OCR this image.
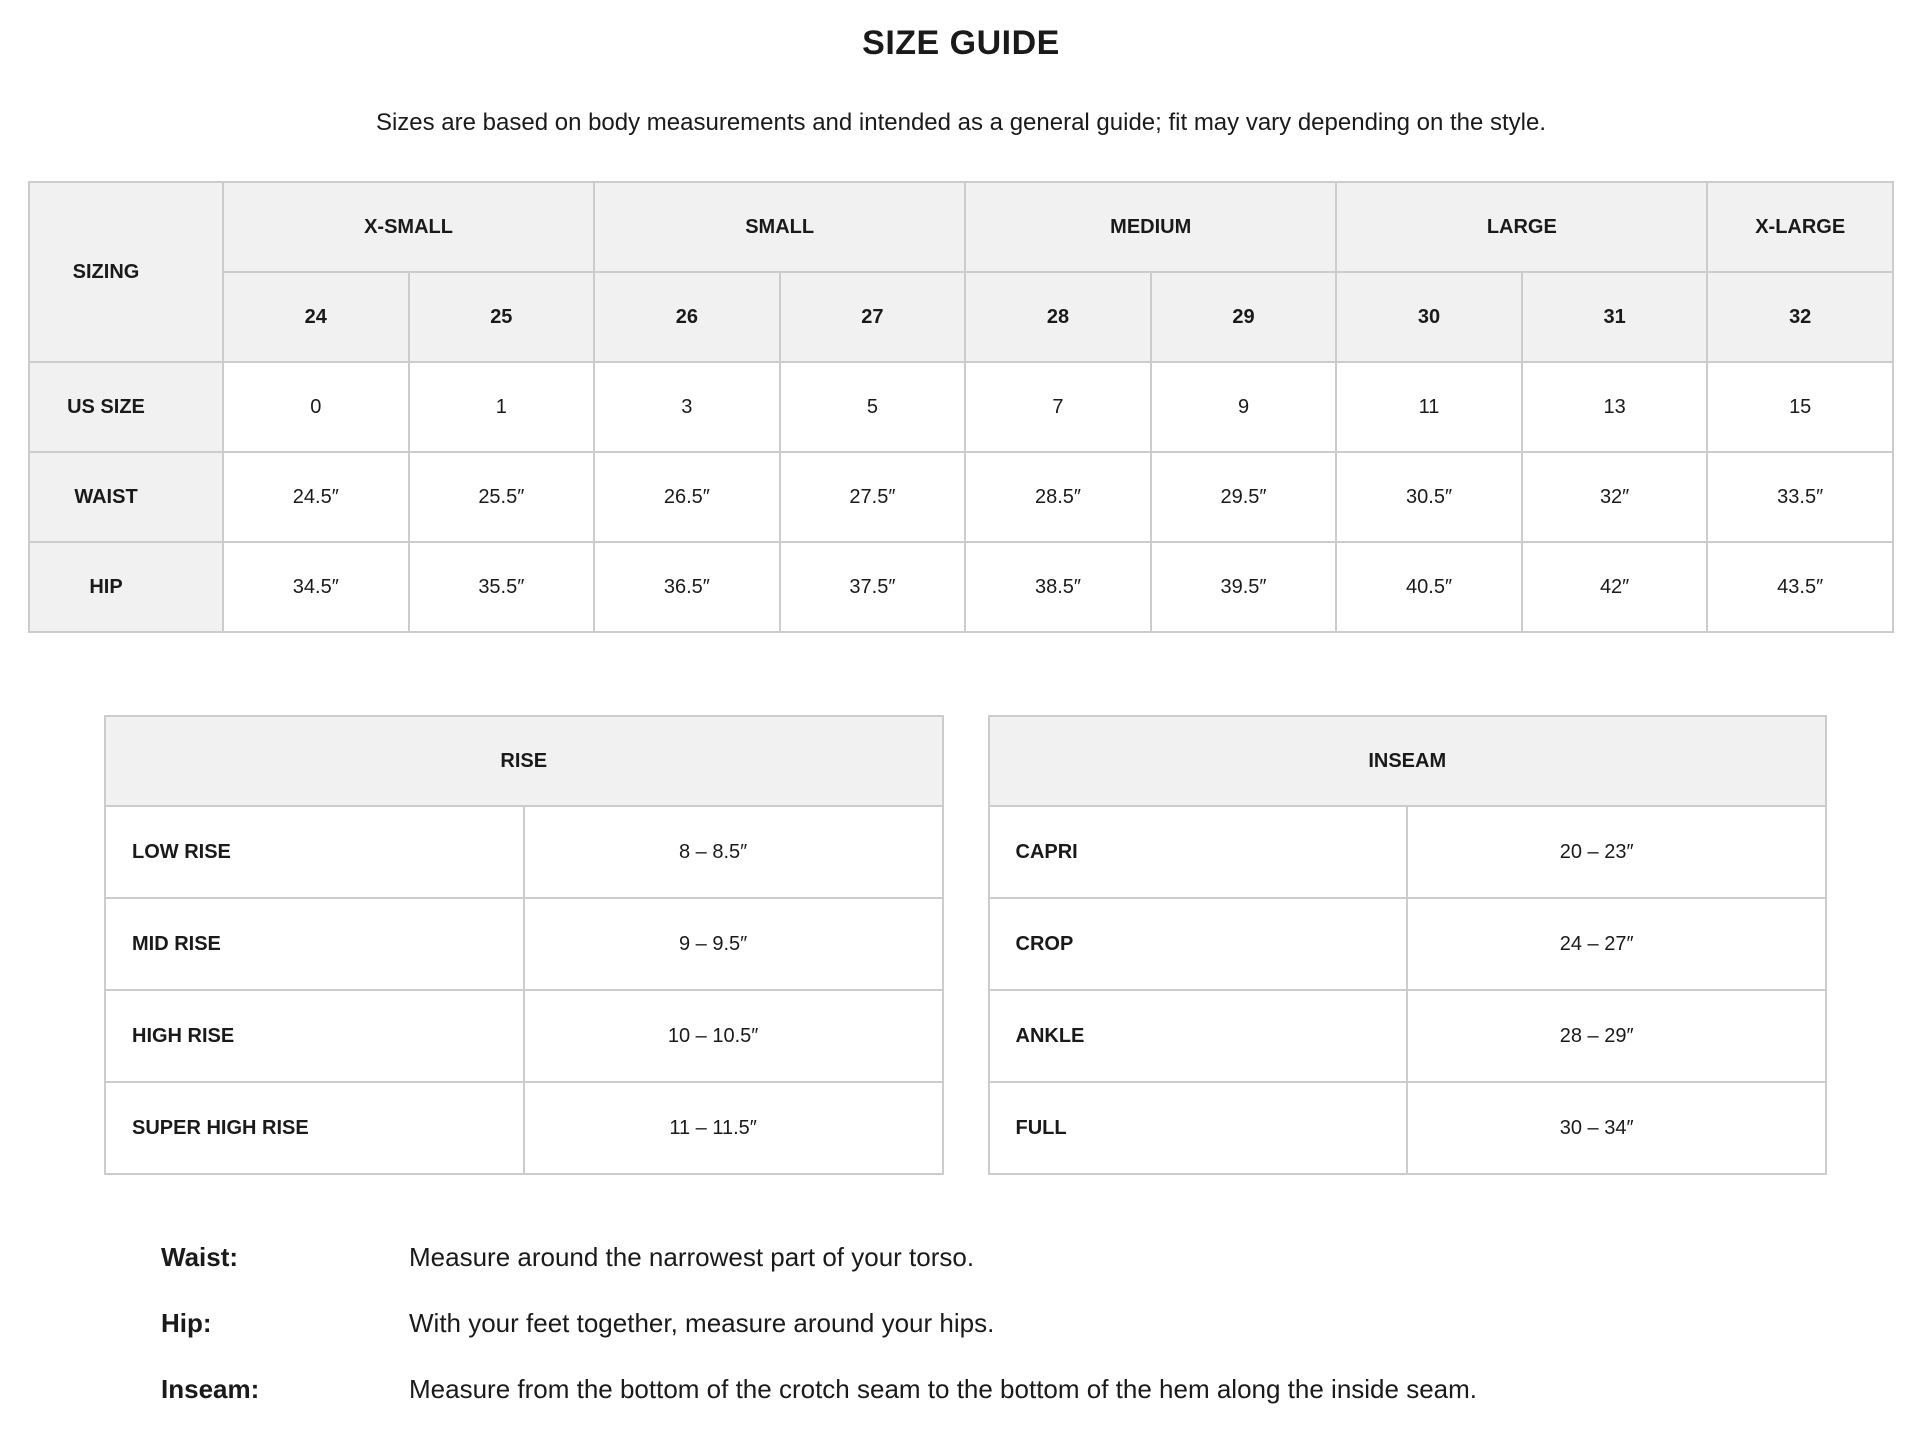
SIZE GUIDE

Sizes are based on body measurements and intended as a general guide; fit may vary depending on the style.

SIZING	X-SMALL		SMALL		MEDIUM		LARGE		X-LARGE
	24	25	26	27	28	29	30	31	32
US SIZE	0	1	3	5	7	9	11	13	15
WAIST	24.5″	25.5″	26.5″	27.5″	28.5″	29.5″	30.5″	32″	33.5″
HIP	34.5″	35.5″	36.5″	37.5″	38.5″	39.5″	40.5″	42″	43.5″
RISE	
LOW RISE	8 – 8.5″
MID RISE	9 – 9.5″
HIGH RISE	10 – 10.5″
SUPER HIGH RISE	11 – 11.5″
INSEAM	
CAPRI	20 – 23″
CROP	24 – 27″
ANKLE	28 – 29″
FULL	30 – 34″
Waist:	Measure around the narrowest part of your torso.
Hip:	With your feet together, measure around your hips.
Inseam:	Measure from the bottom of the crotch seam to the bottom of the hem along the inside seam.
